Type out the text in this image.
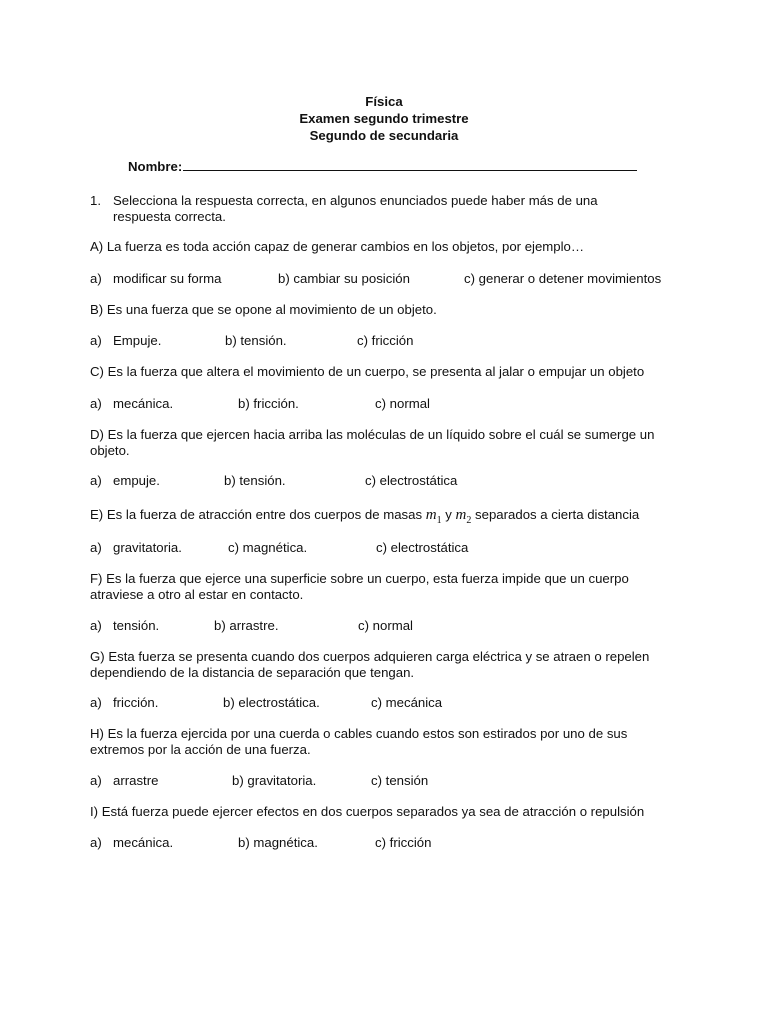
Física
Examen segundo trimestre
Segundo de secundaria
Nombre:
1. Selecciona la respuesta correcta, en algunos enunciados puede haber más de una respuesta correcta.
A) La fuerza es toda acción capaz de generar cambios en los objetos, por ejemplo…
a) modificar su forma	b) cambiar su posición	c) generar o detener movimientos
B) Es una fuerza que se opone al movimiento de un objeto.
a) Empuje.	b) tensión.	c) fricción
C) Es la fuerza que altera el movimiento de un cuerpo, se presenta al jalar o empujar un objeto
a) mecánica.	b) fricción.	c) normal
D) Es la fuerza que ejercen hacia arriba las moléculas de un líquido sobre el cuál se sumerge un objeto.
a) empuje.	b) tensión.	c) electrostática
E) Es la fuerza de atracción entre dos cuerpos de masas $m_1$ y $m_2$ separados a cierta distancia
a) gravitatoria.	c) magnética.	c) electrostática
F) Es la fuerza que ejerce una superficie sobre un cuerpo, esta fuerza impide que un cuerpo atraviese a otro al estar en contacto.
a) tensión.	b) arrastre.	c) normal
G) Esta fuerza se presenta cuando dos cuerpos adquieren carga eléctrica y se atraen o repelen dependiendo de la distancia de separación que tengan.
a) fricción.	b) electrostática.	c) mecánica
H) Es la fuerza ejercida por una cuerda o cables cuando estos son estirados por uno de sus extremos por la acción de una fuerza.
a) arrastre	b) gravitatoria.	c) tensión
I) Está fuerza puede ejercer efectos en dos cuerpos separados ya sea de atracción o repulsión
a) mecánica.	b) magnética.	c) fricción
